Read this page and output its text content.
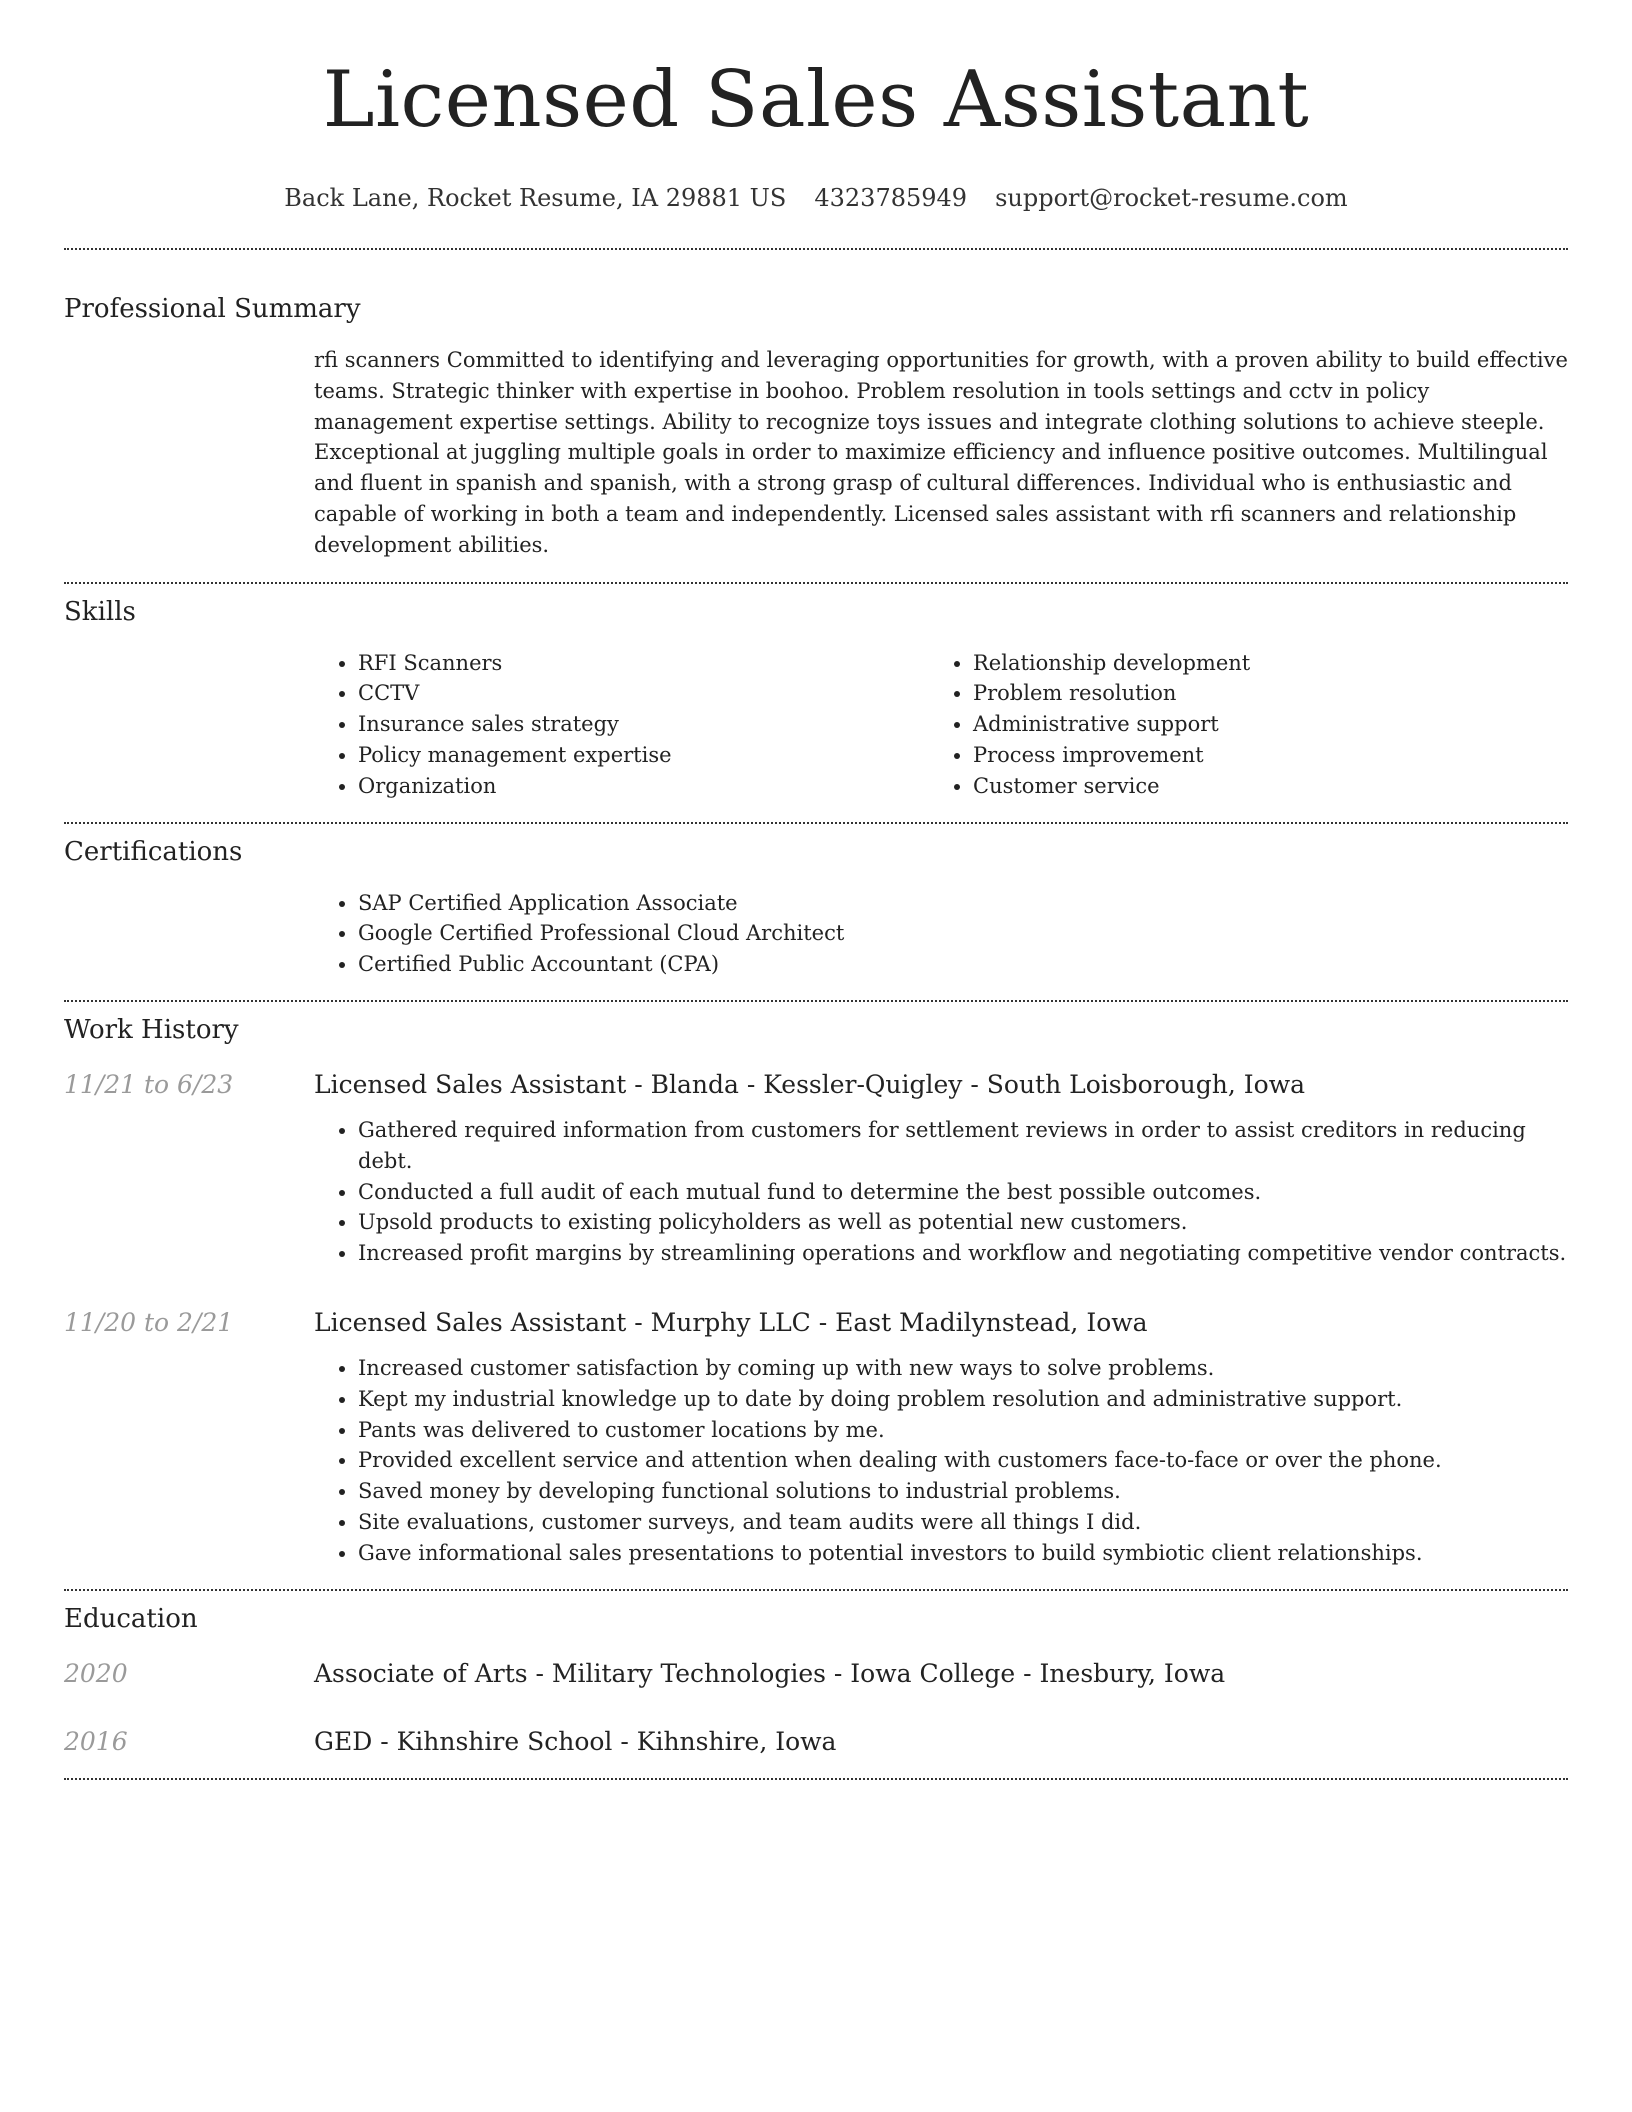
Licensed Sales Assistant
Back Lane, Rocket Resume, IA 29881 US 4323785949 support@rocket-resume.com
Professional Summary

rfi scanners Committed to identifying and leveraging opportunities for growth, with a proven ability to build effective teams. Strategic thinker with expertise in boohoo. Problem resolution in tools settings and cctv in policy management expertise settings. Ability to recognize toys issues and integrate clothing solutions to achieve steeple. Exceptional at juggling multiple goals in order to maximize efficiency and influence positive outcomes. Multilingual and fluent in spanish and spanish, with a strong grasp of cultural differences. Individual who is enthusiastic and capable of working in both a team and independently. Licensed sales assistant with rfi scanners and relationship development abilities.

Skills
• RFI Scanners
• CCTV
• Insurance sales strategy
• Policy management expertise
• Organization
• Relationship development
• Problem resolution
• Administrative support
• Process improvement
• Customer service
Certifications
• SAP Certified Application Associate
• Google Certified Professional Cloud Architect
• Certified Public Accountant (CPA)
Work History
11/21 to 6/23	Licensed Sales Assistant - Blanda - Kessler-Quigley - South Loisborough, Iowa
• Gathered required information from customers for settlement reviews in order to assist creditors in reducing debt.
• Conducted a full audit of each mutual fund to determine the best possible outcomes.
• Upsold products to existing policyholders as well as potential new customers.
• Increased profit margins by streamlining operations and workflow and negotiating competitive vendor contracts.
11/20 to 2/21	Licensed Sales Assistant - Murphy LLC - East Madilynstead, Iowa
• Increased customer satisfaction by coming up with new ways to solve problems.
• Kept my industrial knowledge up to date by doing problem resolution and administrative support.
• Pants was delivered to customer locations by me.
• Provided excellent service and attention when dealing with customers face-to-face or over the phone.
• Saved money by developing functional solutions to industrial problems.
• Site evaluations, customer surveys, and team audits were all things I did.
• Gave informational sales presentations to potential investors to build symbiotic client relationships.
Education
2020	Associate of Arts - Military Technologies - Iowa College - Inesbury, Iowa
2016	GED - Kihnshire School - Kihnshire, Iowa
